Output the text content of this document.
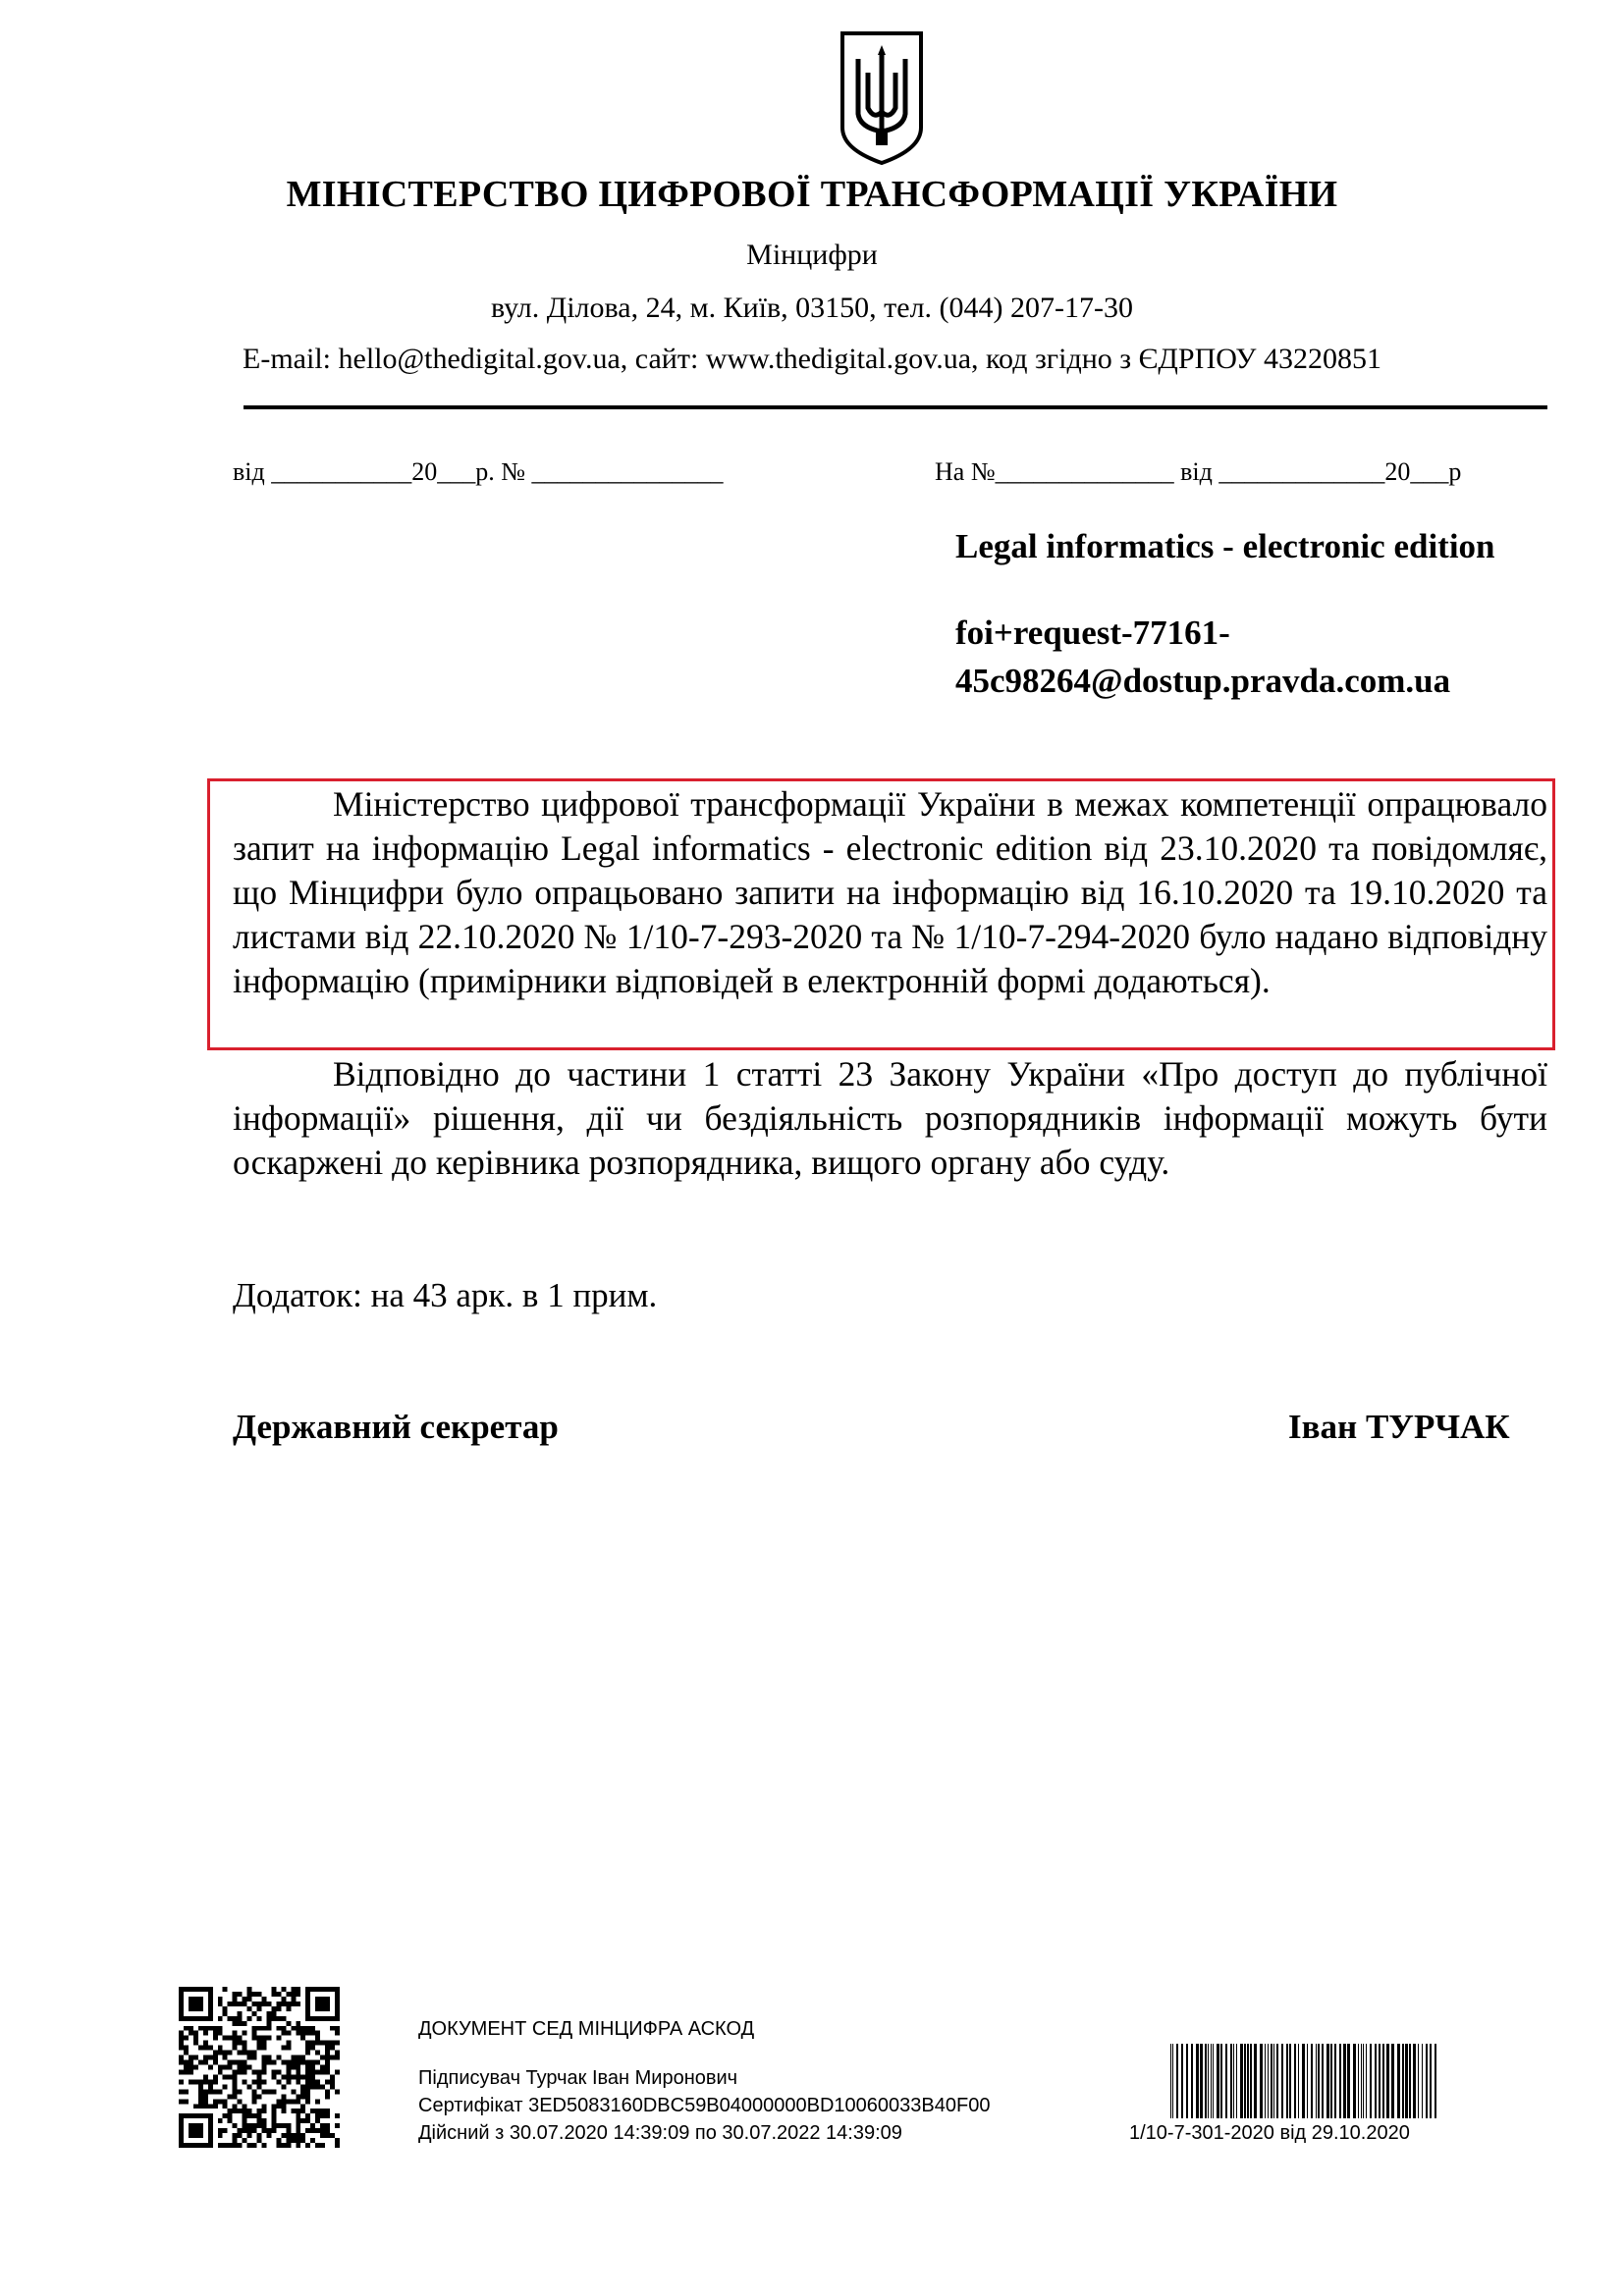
МІНІСТЕРСТВО ЦИФРОВОЇ ТРАНСФОРМАЦІЇ УКРАЇНИ
Мінцифри
вул. Ділова, 24, м. Київ, 03150, тел. (044) 207-17-30
E-mail: hello@thedigital.gov.ua, сайт: www.thedigital.gov.ua, код згідно з ЄДРПОУ 43220851
від ___________20___р. № _______________	На №______________ від _____________20___р
Legal informatics - electronic edition
foi+request-77161-
45c98264@dostup.pravda.com.ua
Міністерство цифрової трансформації України в межах компетенції опрацювало запит на інформацію Legal informatics - electronic edition від 23.10.2020 та повідомляє, що Мінцифри було опрацьовано запити на інформацію від 16.10.2020 та 19.10.2020 та листами від 22.10.2020 № 1/10-7-293-2020 та № 1/10-7-294-2020 було надано відповідну інформацію (примірники відповідей в електронній формі додаються).
Відповідно до частини 1 статті 23 Закону України «Про доступ до публічної інформації» рішення, дії чи бездіяльність розпорядників інформації можуть бути оскаржені до керівника розпорядника, вищого органу або суду.
Додаток: на 43 арк. в 1 прим.
Державний секретар	Іван ТУРЧАК
ДОКУМЕНТ СЕД МІНЦИФРА АСКОД
Підписувач Турчак Іван Миронович
Сертифікат 3ED5083160DBC59B04000000BD10060033B40F00
Дійсний з 30.07.2020 14:39:09 по 30.07.2022 14:39:09	1/10-7-301-2020 від 29.10.2020
